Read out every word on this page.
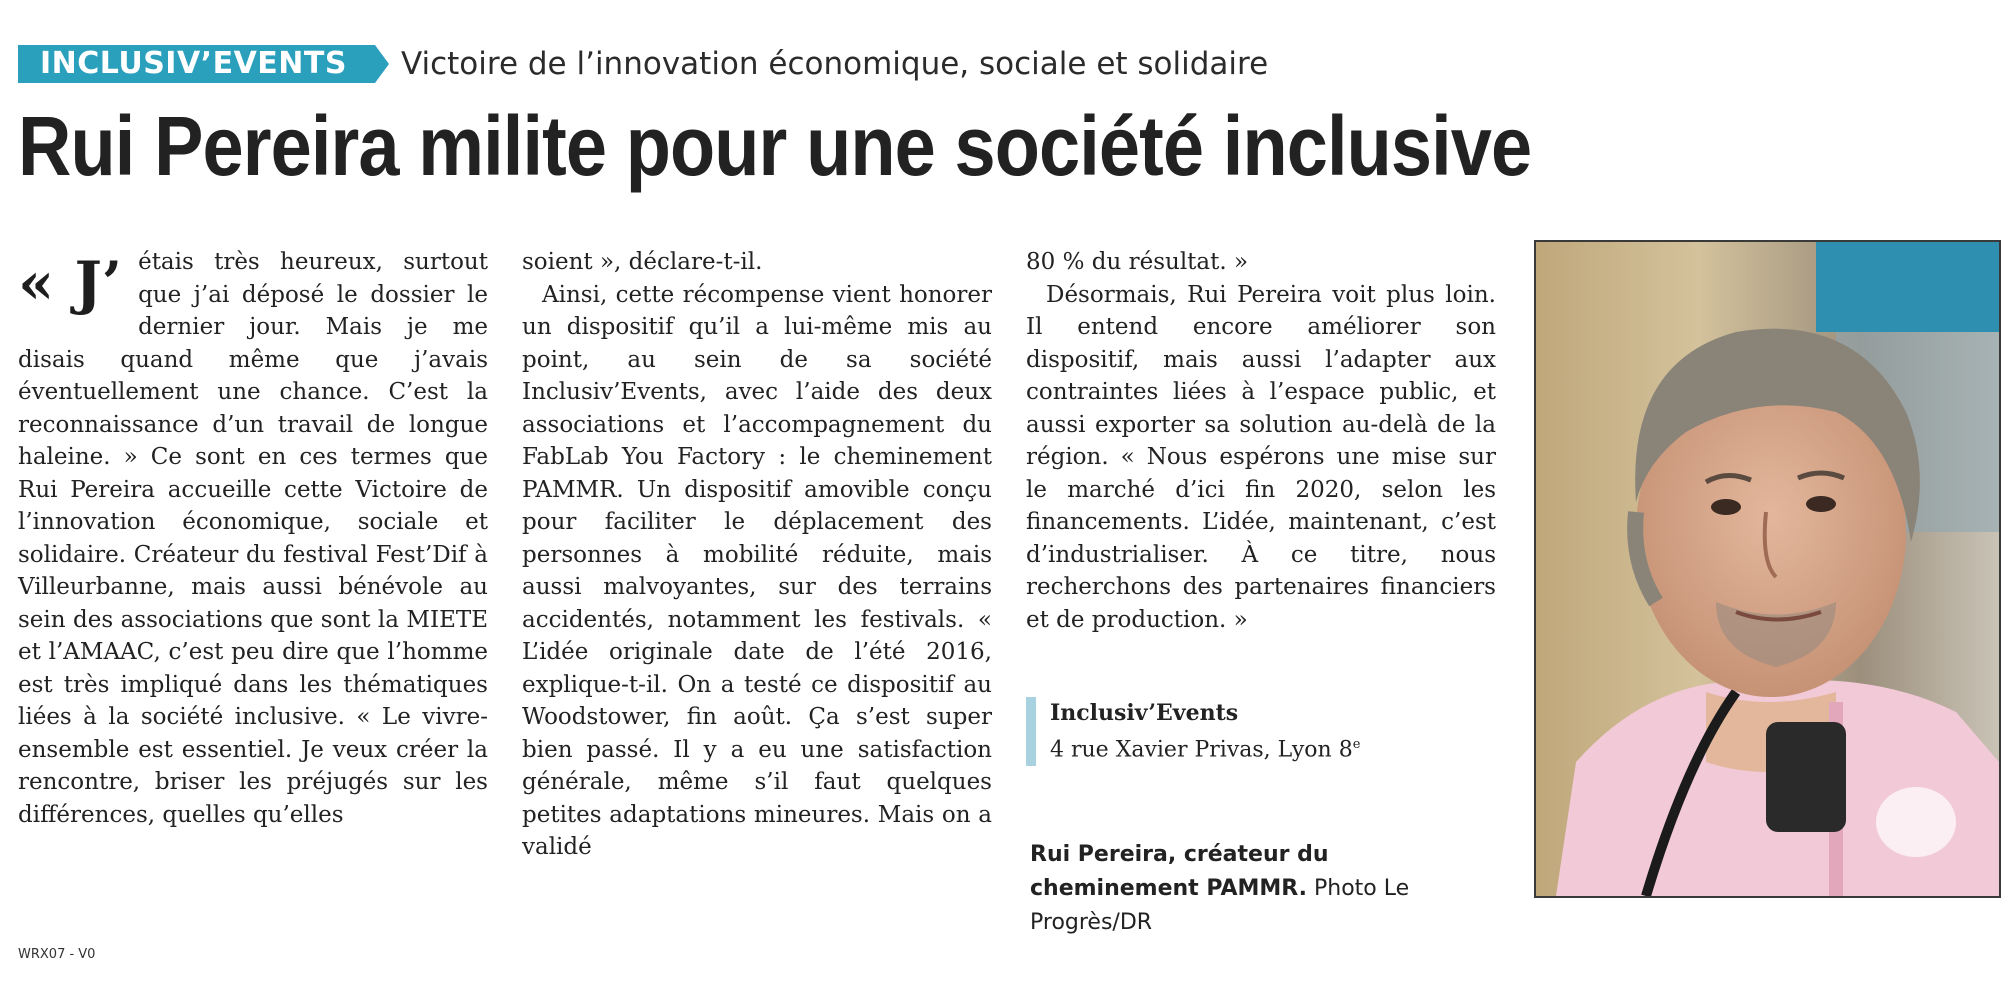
INCLUSIV’EVENTS	Victoire de l’innovation économique, sociale et solidaire
Rui Pereira milite pour une société inclusive

« J’ étais très heureux, surtout que j’ai déposé le dossier le dernier jour. Mais je me disais quand même que j’avais éventuellement une chance. C’est la reconnaissance d’un travail de longue haleine. » Ce sont en ces termes que Rui Pereira accueille cette Victoire de l’innovation économique, sociale et solidaire. Créateur du festival Fest’Dif à Villeurbanne, mais aussi bénévole au sein des associations que sont la MIETE et l’AMAAC, c’est peu dire que l’homme est très impliqué dans les thématiques liées à la société inclusive. « Le vivre-ensemble est essentiel. Je veux créer la rencontre, briser les préjugés sur les différences, quelles qu’elles

soient », déclare-t-il.

Ainsi, cette récompense vient honorer un dispositif qu’il a lui-même mis au point, au sein de sa société Inclusiv’Events, avec l’aide des deux associations et l’accompagnement du FabLab You Factory : le cheminement PAMMR. Un dispositif amovible conçu pour faciliter le déplacement des personnes à mobilité réduite, mais aussi malvoyantes, sur des terrains accidentés, notamment les festivals. « L’idée originale date de l’été 2016, explique-t-il. On a testé ce dispositif au Woodstower, fin août. Ça s’est super bien passé. Il y a eu une satisfaction générale, même s’il faut quelques petites adaptations mineures. Mais on a validé

80 % du résultat. »

Désormais, Rui Pereira voit plus loin. Il entend encore améliorer son dispositif, mais aussi l’adapter aux contraintes liées à l’espace public, et aussi exporter sa solution au-delà de la région. « Nous espérons une mise sur le marché d’ici fin 2020, selon les financements. L’idée, maintenant, c’est d’industrialiser. À ce titre, nous recherchons des partenaires financiers et de production. »

Inclusiv’Events
4 rue Xavier Privas, Lyon 8e
Rui Pereira, créateur du cheminement PAMMR. Photo Le Progrès/DR
WRX07 - V0
